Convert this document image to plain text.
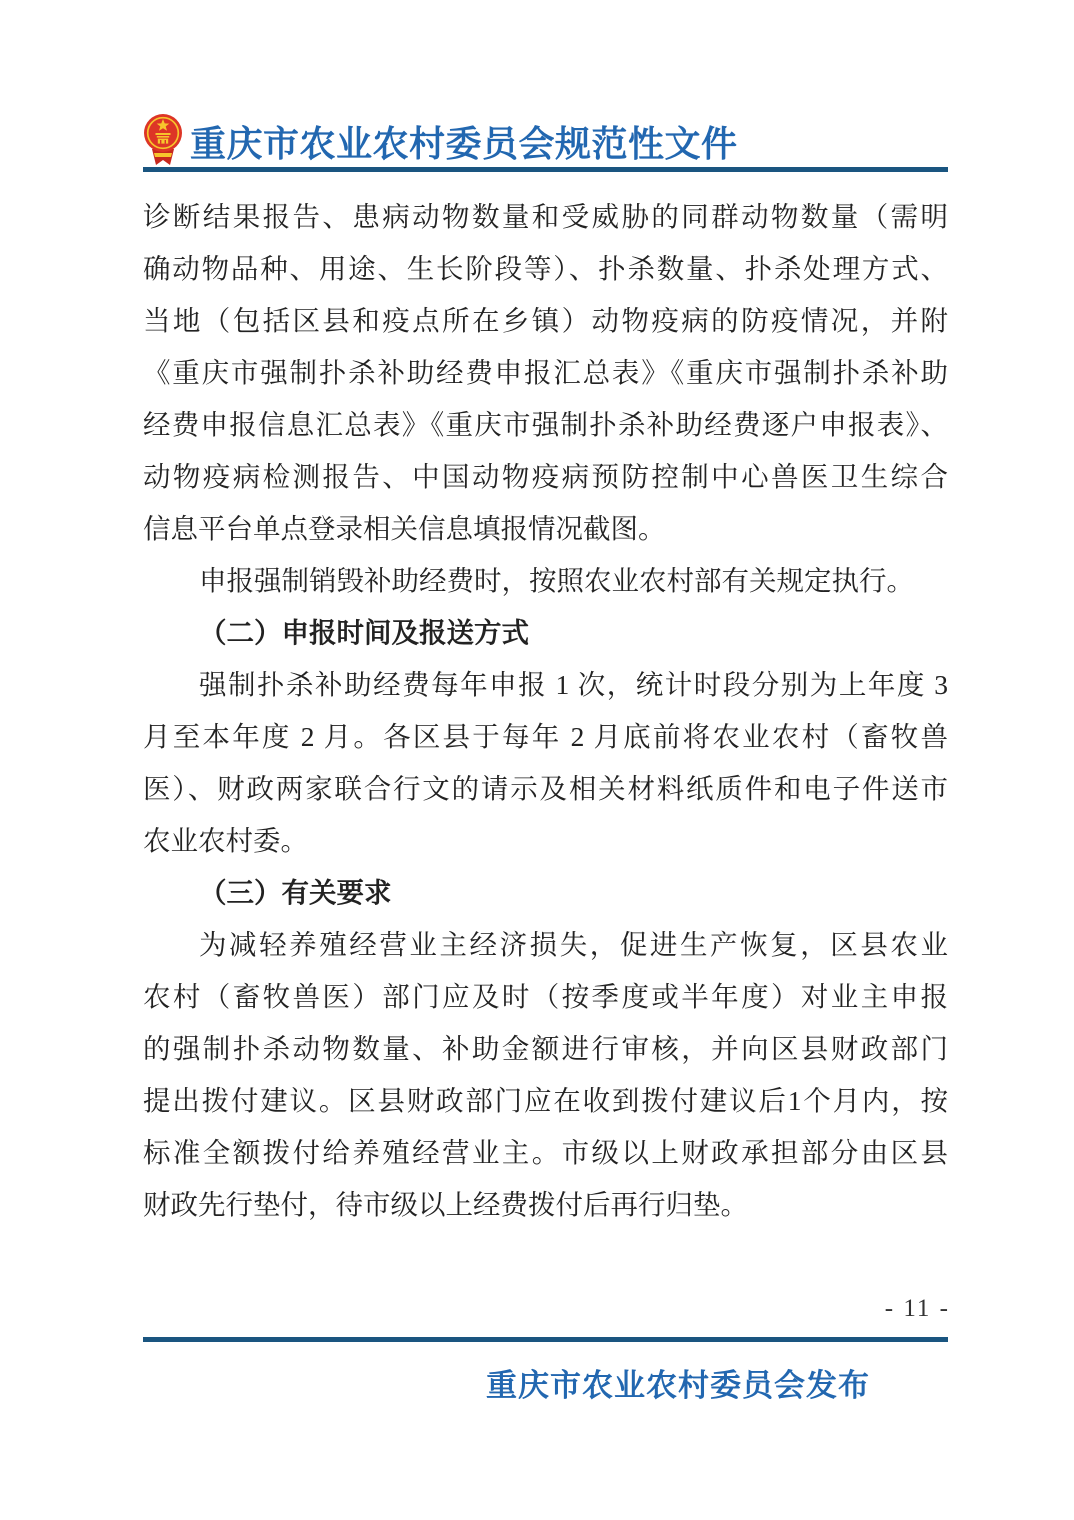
重庆市农业农村委员会规范性文件
诊断结果报告、患病动物数量和受威胁的同群动物数量（需明
确动物品种、用途、生长阶段等）、扑杀数量、扑杀处理方式、
当地（包括区县和疫点所在乡镇）动物疫病的防疫情况，并附
《重庆市强制扑杀补助经费申报汇总表》《重庆市强制扑杀补助
经费申报信息汇总表》《重庆市强制扑杀补助经费逐户申报表》、
动物疫病检测报告、中国动物疫病预防控制中心兽医卫生综合
信息平台单点登录相关信息填报情况截图。
申报强制销毁补助经费时，按照农业农村部有关规定执行。
（二）申报时间及报送方式
强制扑杀补助经费每年申报 1 次，统计时段分别为上年度 3
月至本年度 2 月。各区县于每年 2 月底前将农业农村（畜牧兽
医）、财政两家联合行文的请示及相关材料纸质件和电子件送市
农业农村委。
（三）有关要求
为减轻养殖经营业主经济损失，促进生产恢复，区县农业
农村（畜牧兽医）部门应及时（按季度或半年度）对业主申报
的强制扑杀动物数量、补助金额进行审核，并向区县财政部门
提出拨付建议。区县财政部门应在收到拨付建议后1个月内，按
标准全额拨付给养殖经营业主。市级以上财政承担部分由区县
财政先行垫付，待市级以上经费拨付后再行归垫。
- 11 -
重庆市农业农村委员会发布
